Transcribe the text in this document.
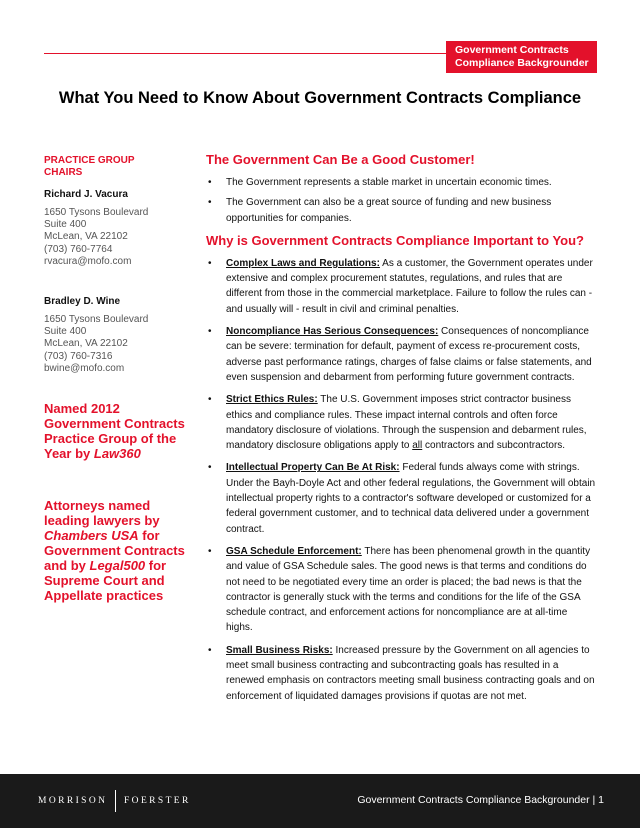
Government Contracts
Compliance Backgrounder
What You Need to Know About Government Contracts Compliance
PRACTICE GROUP
CHAIRS
Richard J. Vacura
1650 Tysons Boulevard
Suite 400
McLean, VA 22102
(703) 760-7764
rvacura@mofo.com
Bradley D. Wine
1650 Tysons Boulevard
Suite 400
McLean, VA 22102
(703) 760-7316
bwine@mofo.com
Named 2012 Government Contracts Practice Group of the Year by Law360
Attorneys named leading lawyers by Chambers USA for Government Contracts and by Legal500 for Supreme Court and Appellate practices
The Government Can Be a Good Customer!
• The Government represents a stable market in uncertain economic times.
• The Government can also be a great source of funding and new business opportunities for companies.
Why is Government Contracts Compliance Important to You?
• Complex Laws and Regulations: As a customer, the Government operates under extensive and complex procurement statutes, regulations, and rules that are different from those in the commercial marketplace. Failure to follow the rules can - and usually will - result in civil and criminal penalties.
• Noncompliance Has Serious Consequences: Consequences of noncompliance can be severe: termination for default, payment of excess re-procurement costs, adverse past performance ratings, charges of false claims or false statements, and even suspension and debarment from performing future government contracts.
• Strict Ethics Rules: The U.S. Government imposes strict contractor business ethics and compliance rules. These impact internal controls and often force mandatory disclosure of violations. Through the suspension and debarment rules, mandatory disclosure obligations apply to all contractors and subcontractors.
• Intellectual Property Can Be At Risk: Federal funds always come with strings. Under the Bayh-Doyle Act and other federal regulations, the Government will obtain intellectual property rights to a contractor's software developed or customized for a federal government customer, and to technical data delivered under a government contract.
• GSA Schedule Enforcement: There has been phenomenal growth in the quantity and value of GSA Schedule sales. The good news is that terms and conditions do not need to be negotiated every time an order is placed; the bad news is that the contractor is generally stuck with the terms and conditions for the life of the GSA schedule contract, and enforcement actions for noncompliance are at all-time highs.
• Small Business Risks: Increased pressure by the Government on all agencies to meet small business contracting and subcontracting goals has resulted in a renewed emphasis on contractors meeting small business contracting goals and on enforcement of liquidated damages provisions if quotas are not met.
MORRISON FOERSTER	Government Contracts Compliance Backgrounder | 1
